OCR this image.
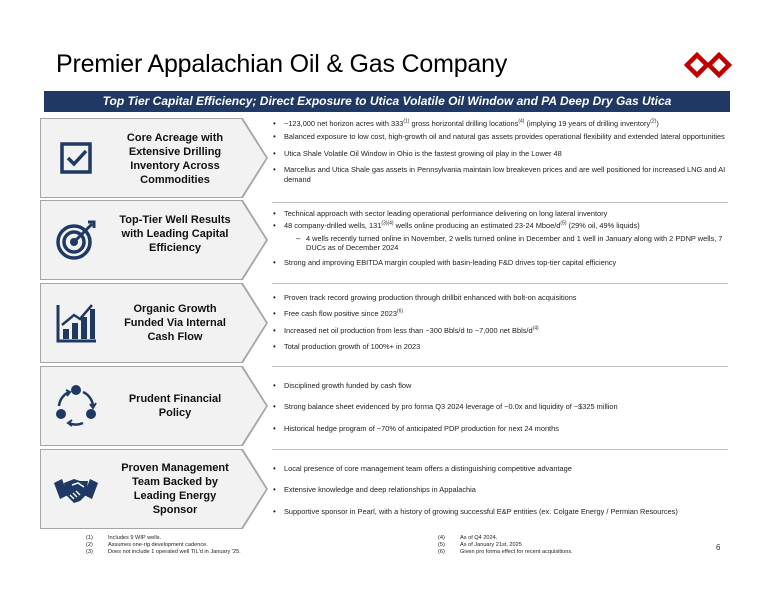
Premier Appalachian Oil & Gas Company
Top Tier Capital Efficiency; Direct Exposure to Utica Volatile Oil Window and PA Deep Dry Gas Utica
Core Acreage with Extensive Drilling Inventory Across Commodities
• ~123,000 net horizon acres with 333$^{(1)}$ gross horizontal drilling locations$^{(4)}$ (implying 19 years of drilling inventory$^{(2)}$)
• Balanced exposure to low cost, high-growth oil and natural gas assets provides operational flexibility and extended lateral opportunities
• Utica Shale Volatile Oil Window in Ohio is the fastest growing oil play in the Lower 48
• Marcellus and Utica Shale gas assets in Pennsylvania maintain low breakeven prices and are well positioned for increased LNG and AI demand
Top-Tier Well Results with Leading Capital Efficiency
• Technical approach with sector leading operational performance delivering on long lateral inventory
• 48 company-drilled wells, $131^{(3)(4)}$ wells online producing an estimated 23-24 Mboe/$d^{(5)}$ (29% oil, 49% liquids)
– 4 wells recently turned online in November, 2 wells turned online in December and 1 well in January along with 2 PDNP wells, 7 DUCs as of December 2024
• Strong and improving EBITDA margin coupled with basin-leading F&D drives top-tier capital efficiency
Organic Growth Funded Via Internal Cash Flow
• Proven track record growing production through drillbit enhanced with bolt-on acquisitions
• Free cash flow positive since 2023$^{(6)}$
• Increased net oil production from less than ~300 Bbls/d to ~7,000 net Bbls/$d^{(4)}$
• Total production growth of 100%+ in 2023
Prudent Financial Policy
• Disciplined growth funded by cash flow
• Strong balance sheet evidenced by pro forma Q3 2024 leverage of ~0.0x and liquidity of ~$325 million
• Historical hedge program of ~70% of anticipated PDP production for next 24 months
Proven Management Team Backed by Leading Energy Sponsor
• Local presence of core management team offers a distinguishing competitive advantage
• Extensive knowledge and deep relationships in Appalachia
• Supportive sponsor in Pearl, with a history of growing successful E&P entities (ex. Colgate Energy / Permian Resources)
(1)	Includes 9 WIP wells.
(2)	Assumes one-rig development cadence.
(3)	Does not include 1 operated well TIL'd in January '25.
(4)	As of Q4 2024.
(5)	As of January 21st, 2025
(6)	Given pro forma effect for recent acquisitions.
6
